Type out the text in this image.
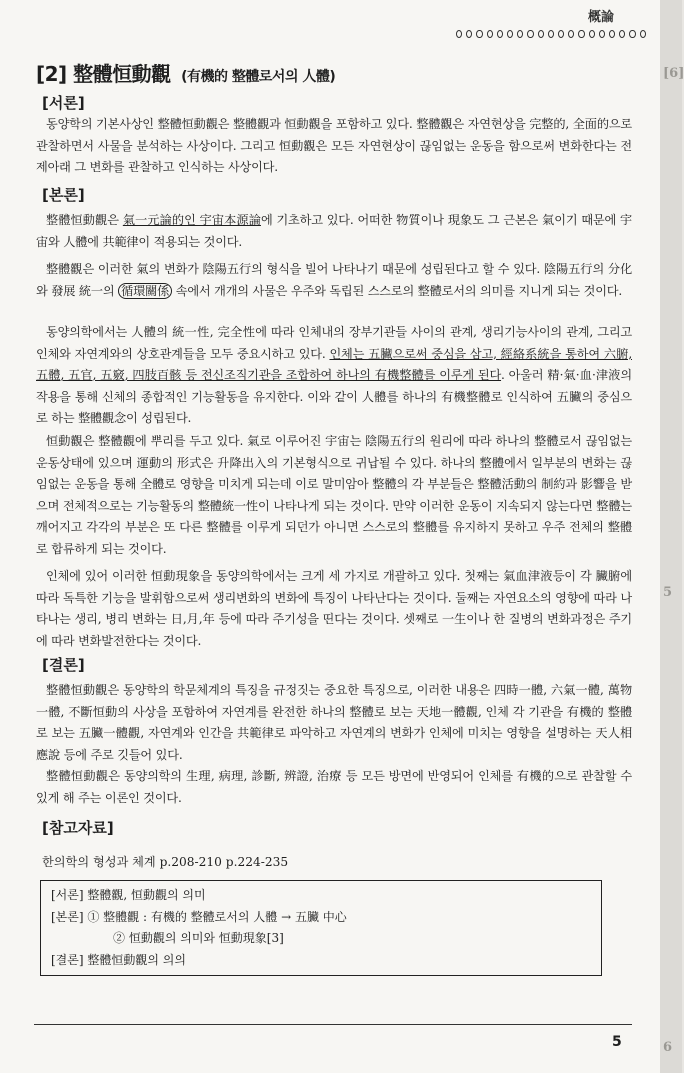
概論
[2] 整體恒動觀 (有機的 整體로서의 人體)
[서론]
동양학의 기본사상인 整體恒動觀은 整體觀과 恒動觀을 포함하고 있다. 整體觀은 자연현상을 完整的, 全面的으로 관찰하면서 사물을 분석하는 사상이다. 그리고 恒動觀은 모든 자연현상이 끊임없는 운동을 함으로써 변화한다는 전제아래 그 변화를 관찰하고 인식하는 사상이다.
[본론]
整體恒動觀은 氣一元論的인 宇宙本源論에 기초하고 있다. 어떠한 物質이나 現象도 그 근본은 氣이기 때문에 宇宙와 人體에 共範律이 적용되는 것이다.
整體觀은 이러한 氣의 변화가 陰陽五行의 형식을 빌어 나타나기 때문에 성립된다고 할 수 있다. 陰陽五行의 分化와 發展 統一의 循環關係 속에서 개개의 사물은 우주와 독립된 스스로의 整體로서의 의미를 지니게 되는 것이다.
동양의학에서는 人體의 統一性, 完全性에 따라 인체내의 장부기관들 사이의 관계, 생리기능사이의 관계, 그리고 인체와 자연계와의 상호관계들을 모두 중요시하고 있다. 인체는 五臟으로써 중심을 삼고, 經絡系統을 통하여 六腑, 五體, 五官, 五竅, 四肢百骸 등 전신조직기관을 조합하여 하나의 有機整體를 이루게 된다. 아울러 精·氣·血·津液의 작용을 통해 신체의 종합적인 기능활동을 유지한다. 이와 같이 人體를 하나의 有機整體로 인식하여 五臟의 중심으로 하는 整體觀念이 성립된다.
恒動觀은 整體觀에 뿌리를 두고 있다. 氣로 이루어진 宇宙는 陰陽五行의 원리에 따라 하나의 整體로서 끊임없는 운동상태에 있으며 運動의 形式은 升降出入의 기본형식으로 귀납될 수 있다. 하나의 整體에서 일부분의 변화는 끊임없는 운동을 통해 全體로 영향을 미치게 되는데 이로 말미암아 整體의 각 부분들은 整體活動의 制約과 影響을 받으며 전체적으로는 기능활동의 整體統一性이 나타나게 되는 것이다. 만약 이러한 운동이 지속되지 않는다면 整體는 깨어지고 각각의 부분은 또 다른 整體를 이루게 되던가 아니면 스스로의 整體를 유지하지 못하고 우주 전체의 整體로 합류하게 되는 것이다.
인체에 있어 이러한 恒動現象을 동양의학에서는 크게 세 가지로 개괄하고 있다. 첫째는 氣血津液등이 각 臟腑에 따라 독특한 기능을 발휘함으로써 생리변화의 변화에 특징이 나타난다는 것이다. 둘째는 자연요소의 영향에 따라 나타나는 생리, 병리 변화는 日,月,年 등에 따라 주기성을 띤다는 것이다. 셋째로 一生이나 한 질병의 변화과정은 주기에 따라 변화발전한다는 것이다.
[결론]
整體恒動觀은 동양학의 학문체계의 특징을 규정짓는 중요한 특징으로, 이러한 내용은 四時一體, 六氣一體, 萬物一體, 不斷恒動의 사상을 포함하여 자연계를 완전한 하나의 整體로 보는 天地一體觀, 인체 각 기관을 有機的 整體로 보는 五臟一體觀, 자연계와 인간을 共範律로 파악하고 자연계의 변화가 인체에 미치는 영향을 설명하는 天人相應說 등에 주로 깃들어 있다.
整體恒動觀은 동양의학의 生理, 病理, 診斷, 辨證, 治療 등 모든 방면에 반영되어 인체를 有機的으로 관찰할 수 있게 해 주는 이론인 것이다.
[참고자료]
한의학의 형성과 체계 p.208-210 p.224-235
[서론] 整體觀, 恒動觀의 의미
[본론] ① 整體觀 : 有機的 整體로서의 人體 → 五臟 中心
② 恒動觀의 의미와 恒動現象[3]
[결론] 整體恒動觀의 의의
5
[6]
5
6
